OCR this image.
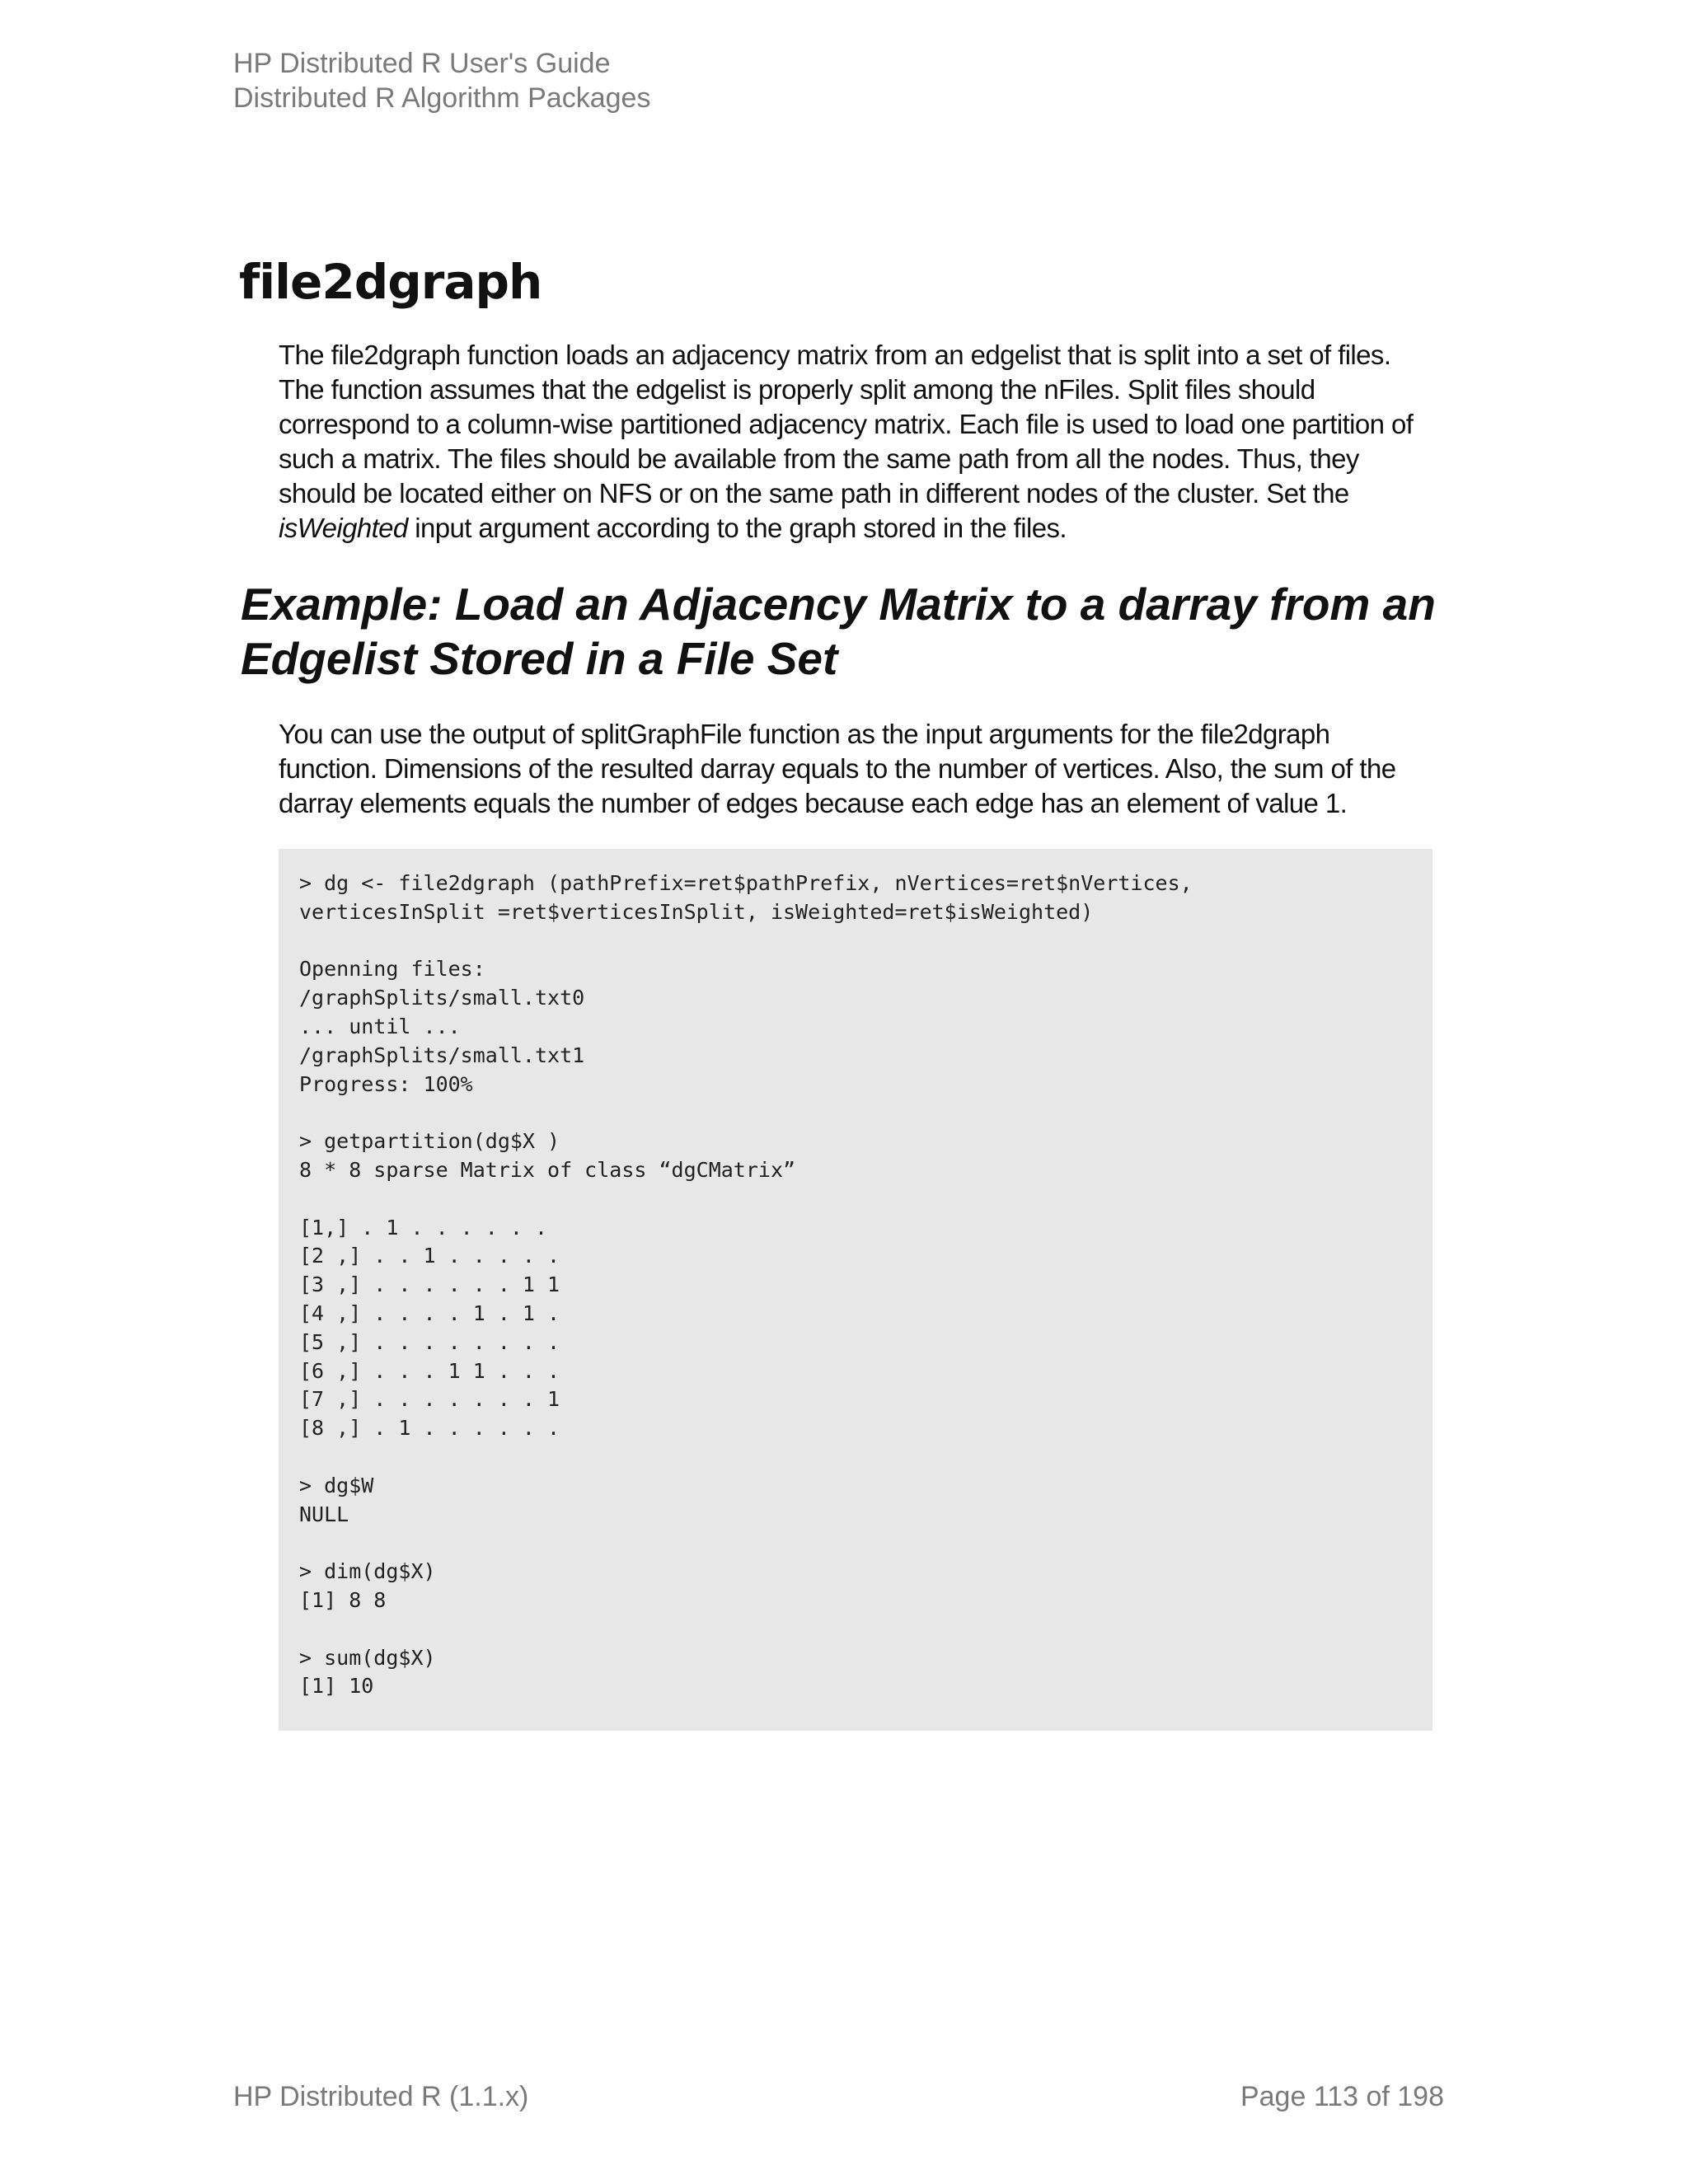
HP Distributed R User's Guide
Distributed R Algorithm Packages
file2dgraph

The file2dgraph function loads an adjacency matrix from an edgelist that is split into a set of files. The function assumes that the edgelist is properly split among the nFiles. Split files should correspond to a column-wise partitioned adjacency matrix. Each file is used to load one partition of such a matrix. The files should be available from the same path from all the nodes. Thus, they should be located either on NFS or on the same path in different nodes of the cluster. Set the isWeighted input argument according to the graph stored in the files.

Example: Load an Adjacency Matrix to a darray from an Edgelist Stored in a File Set

You can use the output of splitGraphFile function as the input arguments for the file2dgraph function. Dimensions of the resulted darray equals to the number of vertices. Also, the sum of the darray elements equals the number of edges because each edge has an element of value 1.

> dg <- file2dgraph (pathPrefix=ret$pathPrefix, nVertices=ret$nVertices,
verticesInSplit =ret$verticesInSplit, isWeighted=ret$isWeighted)

Openning files:
/graphSplits/small.txt0
... until ...
/graphSplits/small.txt1
Progress: 100%

> getpartition(dg$X )
8 * 8 sparse Matrix of class “dgCMatrix”

[1,] . 1 . . . . . .
[2 ,] . . 1 . . . . .
[3 ,] . . . . . . 1 1
[4 ,] . . . . 1 . 1 .
[5 ,] . . . . . . . .
[6 ,] . . . 1 1 . . .
[7 ,] . . . . . . . 1
[8 ,] . 1 . . . . . .

> dg$W
NULL

> dim(dg$X)
[1] 8 8

> sum(dg$X)
[1] 10
HP Distributed R (1.1.x)	Page 113 of 198
